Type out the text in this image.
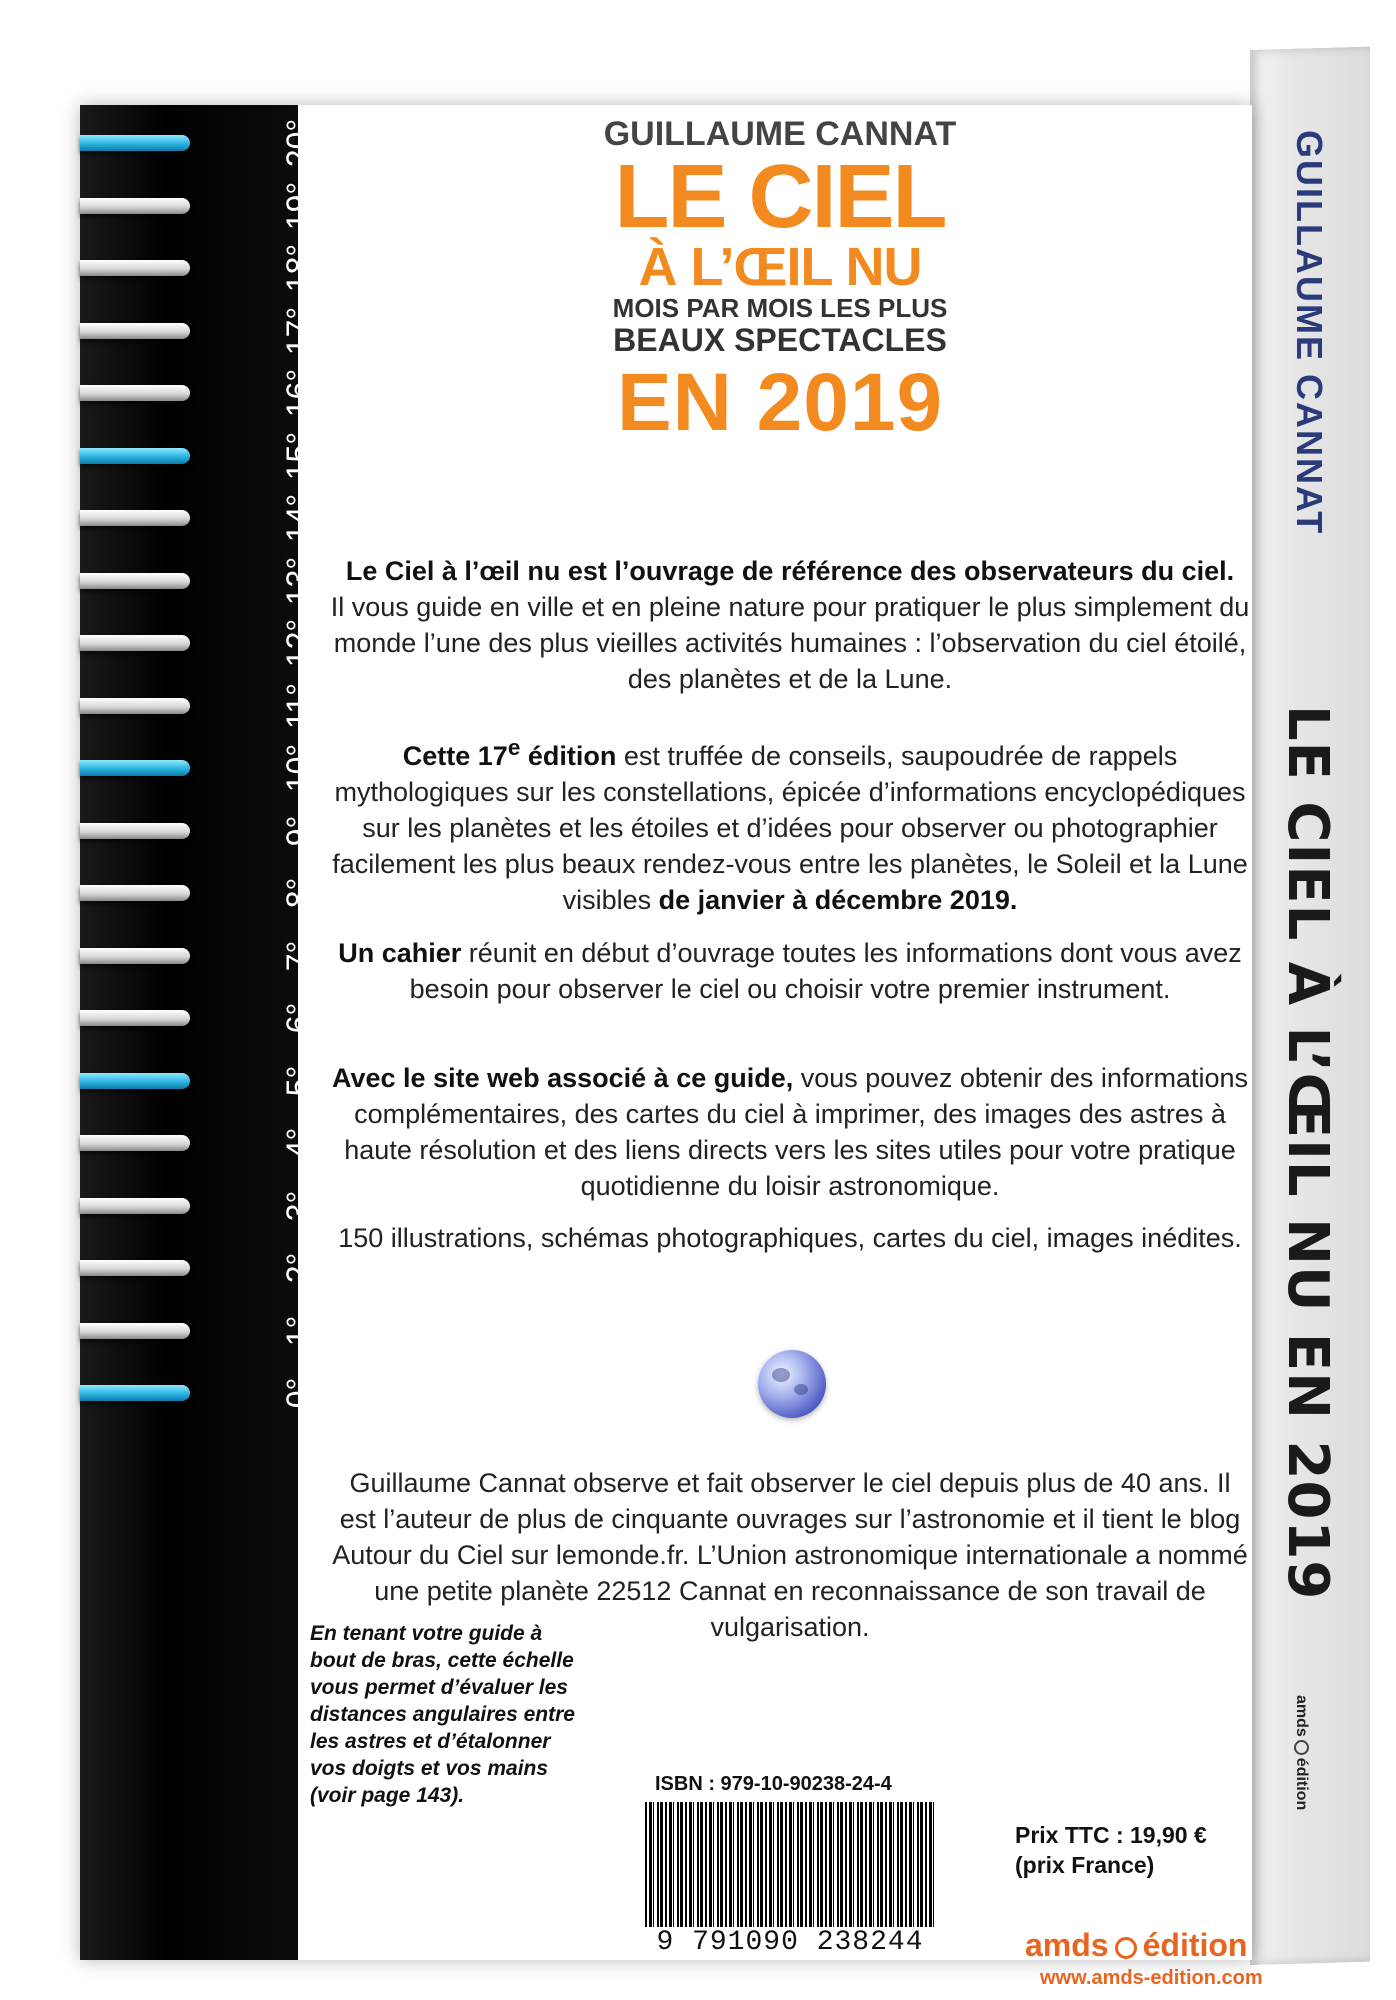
GUILLAUME CANNAT
LE CIEL À L’ŒIL NU EN 2019
amdsédition
20°
19°
18°
17°
16°
15°
14°
13°
12°
11°
10°
9°
8°
7°
6°
5°
4°
3°
2°
1°
0°
En tenant votre guide à bout de bras, cette échelle vous permet d’évaluer les distances angulaires entre les astres et d’étalonner vos doigts et vos mains (voir page 143).
GUILLAUME CANNAT
LE CIEL
À L’ŒIL NU
MOIS PAR MOIS LES PLUS
BEAUX SPECTACLES
EN 2019
Le Ciel à l’œil nu est l’ouvrage de référence des observateurs du ciel.
Il vous guide en ville et en pleine nature pour pratiquer le plus simplement du monde l’une des plus vieilles activités humaines : l’observation du ciel étoilé, des planètes et de la Lune.
Cette 17e édition est truffée de conseils, saupoudrée de rappels mythologiques sur les constellations, épicée d’informations encyclopédiques sur les planètes et les étoiles et d’idées pour observer ou photographier facilement les plus beaux rendez-vous entre les planètes, le Soleil et la Lune visibles de janvier à décembre 2019.
Un cahier réunit en début d’ouvrage toutes les informations dont vous avez besoin pour observer le ciel ou choisir votre premier instrument.
Avec le site web associé à ce guide, vous pouvez obtenir des informations complémentaires, des cartes du ciel à imprimer, des images des astres à haute résolution et des liens directs vers les sites utiles pour votre pratique quotidienne du loisir astronomique.
150 illustrations, schémas photographiques, cartes du ciel, images inédites.
Guillaume Cannat observe et fait observer le ciel depuis plus de 40 ans. Il est l’auteur de plus de cinquante ouvrages sur l’astronomie et il tient le blog Autour du Ciel sur lemonde.fr. L’Union astronomique internationale a nommé une petite planète 22512 Cannat en reconnaissance de son travail de vulgarisation.
ISBN : 979-10-90238-24-4
9 791090 238244
Prix TTC : 19,90 €
(prix France)
amds édition
www.amds-edition.com
